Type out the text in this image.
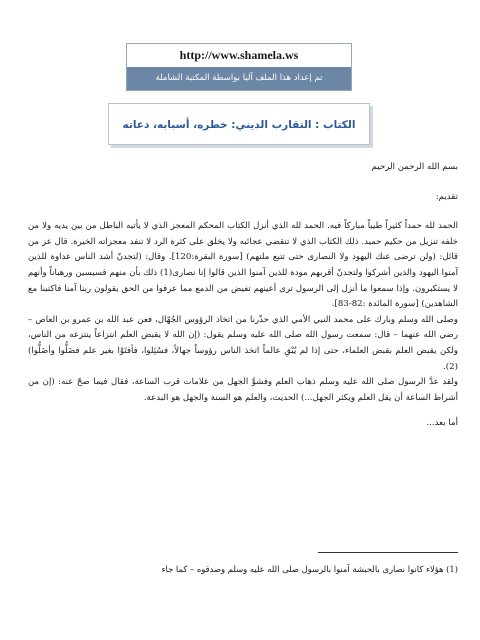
http://www.shamela.ws
تم إعداد هذا الملف آليا بواسطة المكتبة الشاملة
الكتاب : التقارب الديني: خطره، أسبابه، دعاته

بسم الله الرحمن الرحيم

تقديم:

الحمد لله حمداً كثيراً طيباً مباركاً فيه. الحمد لله الذي أنزل الكتاب المحكم المعجز الذي لا يأتيه الباطل من بين يديه ولا من خلفه تنزيل من حكيم حميد. ذلك الكتاب الذي لا تنقضي عجائبه ولا يخلق على كثرة الرد لا تنفد معجزاته الخيرة. قال عز من قائل: (ولن ترضى عنك اليهود ولا النصارى حتى تتبع ملتهم) [سورة البقرة:120]. وقال: (لتجدنّ أشد الناس عداوة للذين آمنوا اليهود والذين أشركوا ولتجدنّ أقربهم مودة للذين آمنوا الذين قالوا إنا نصارى(1) ذلك بأن منهم قسيسين ورهباناً وأنهم لا يستكبرون. وإذا سمعوا ما أنزل إلى الرسول ترى أعينهم تفيض من الدمع مما عرفوا من الحق يقولون ربنا آمنا فاكتبنا مع الشاهدين) [سورة المائدة :82-83].

وصلى الله وسلم وبارك على محمد النبي الأمي الذي حذّرنا من اتخاذ الرؤوس الجُهّال، فعن عبد الله بن عمرو بن العاص – رضي الله عنهما – قال: سمعت رسول الله صلى الله عليه وسلم يقول: (إن الله لا يقبض العلم انتزاعاً ينتزعه من الناس، ولكن يقبض العلم بقبض العلماء، حتى إذا لم يُبْقِ عالماً اتخذ الناس رؤوساً جهالاً، فسُئِلوا، فأفتَوْا بغير علم فضَلُّوا وأضَلُّوا)(2).

ولقد عدَّ الرسول صلى الله عليه وسلم ذهاب العلم وفشوَّ الجهل من علامات قرب الساعة، فقال فيما صحّ عنه: (إن من أشراط الساعة أن يقل العلم ويكثر الجهل...) الحديث، والعلم هو السنة والجهل هو البدعة.

أما بعد...

(1) هؤلاء كانوا نصارى بالحبشة آمنوا بالرسول صلى الله عليه وسلم وصدقوه – كما جاء
